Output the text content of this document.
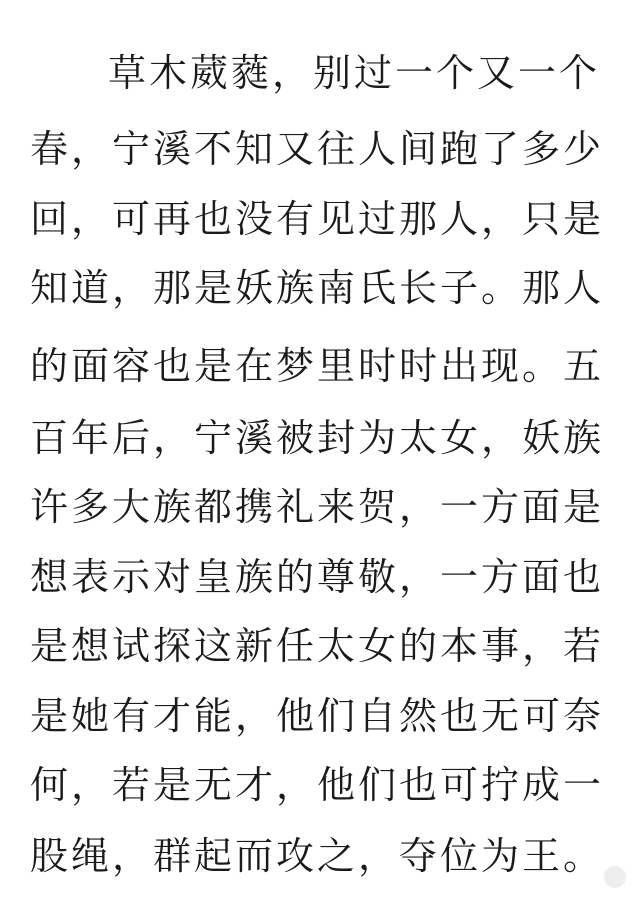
草木葳蕤，别过一个又一个
春，宁溪不知又往人间跑了多少
回，可再也没有见过那人，只是
知道，那是妖族南氏长子。那人
的面容也是在梦里时时出现。五
百年后，宁溪被封为太女，妖族
许多大族都携礼来贺，一方面是
想表示对皇族的尊敬，一方面也
是想试探这新任太女的本事，若
是她有才能，他们自然也无可奈
何，若是无才，他们也可拧成一
股绳，群起而攻之，夺位为王。
